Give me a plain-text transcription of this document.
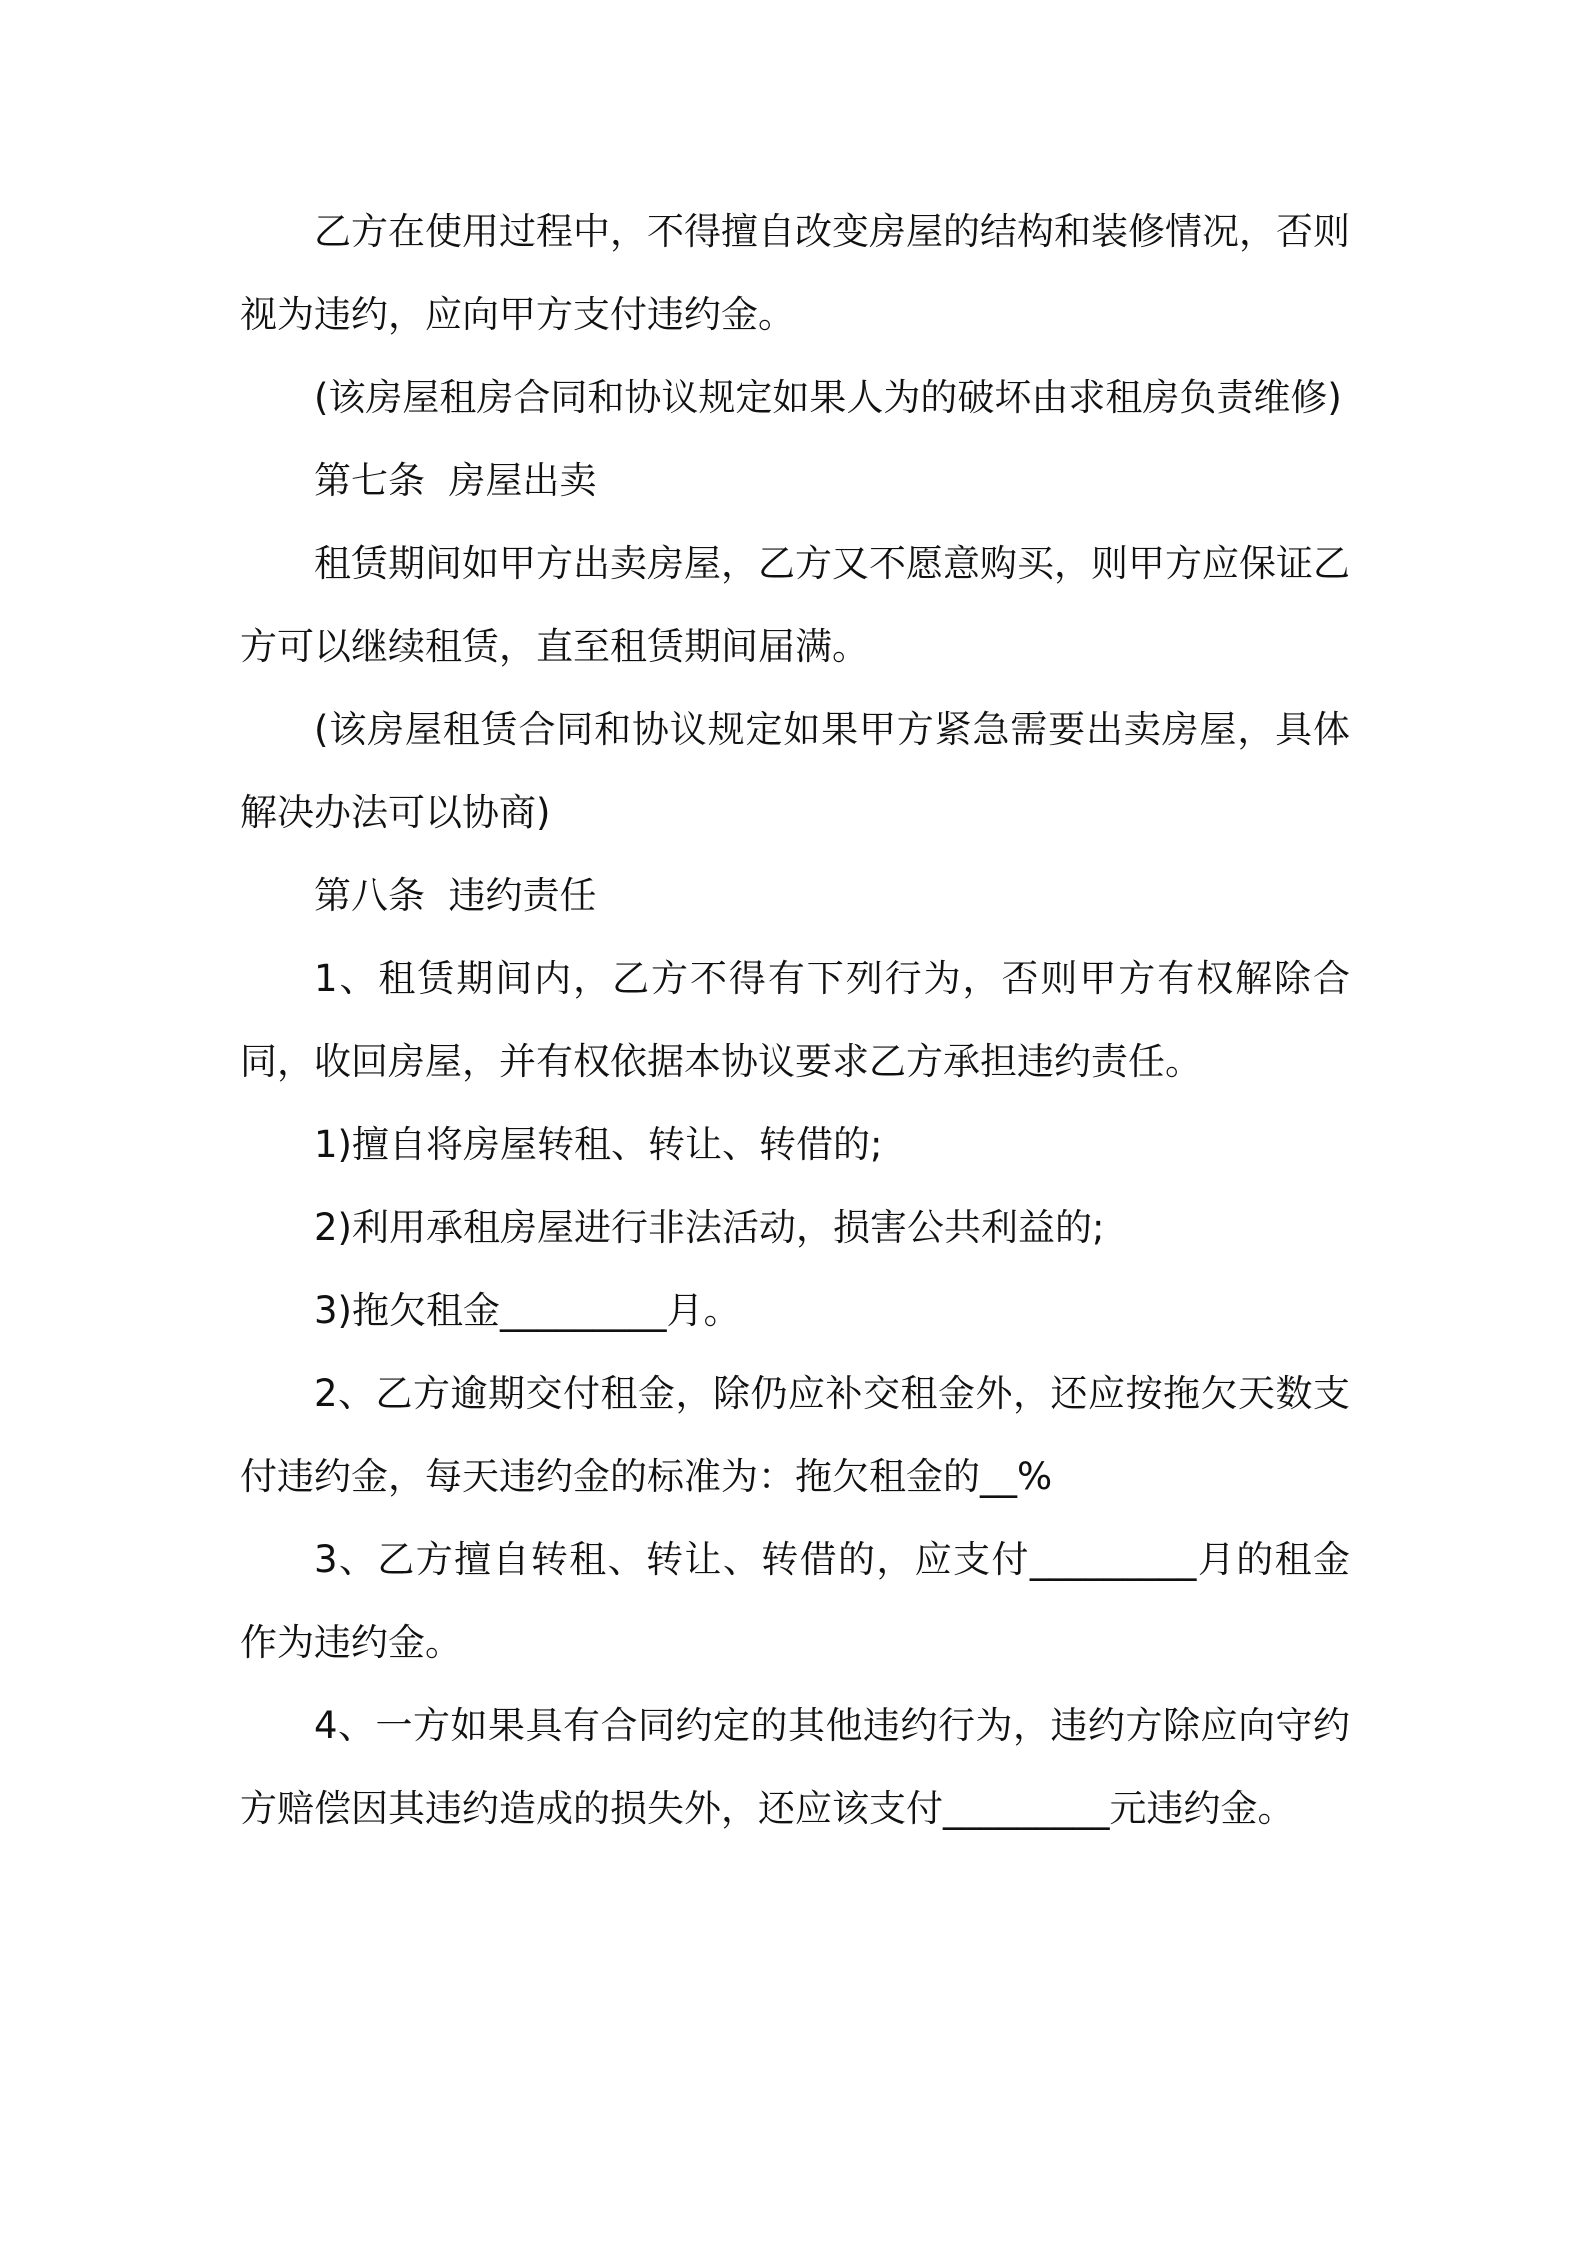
乙方在使用过程中，不得擅自改变房屋的结构和装修情况，否则视为违约，应向甲方支付违约金。

(该房屋租房合同和协议规定如果人为的破坏由求租房负责维修)

第七条  房屋出卖

租赁期间如甲方出卖房屋，乙方又不愿意购买，则甲方应保证乙方可以继续租赁，直至租赁期间届满。

(该房屋租赁合同和协议规定如果甲方紧急需要出卖房屋，具体解决办法可以协商)

第八条  违约责任

1、租赁期间内，乙方不得有下列行为，否则甲方有权解除合同，收回房屋，并有权依据本协议要求乙方承担违约责任。

1)擅自将房屋转租、转让、转借的;

2)利用承租房屋进行非法活动，损害公共利益的;

3)拖欠租金_________月。

2、乙方逾期交付租金，除仍应补交租金外，还应按拖欠天数支付违约金，每天违约金的标准为：拖欠租金的__%

3、乙方擅自转租、转让、转借的，应支付_________月的租金作为违约金。

4、一方如果具有合同约定的其他违约行为，违约方除应向守约方赔偿因其违约造成的损失外，还应该支付_________元违约金。
